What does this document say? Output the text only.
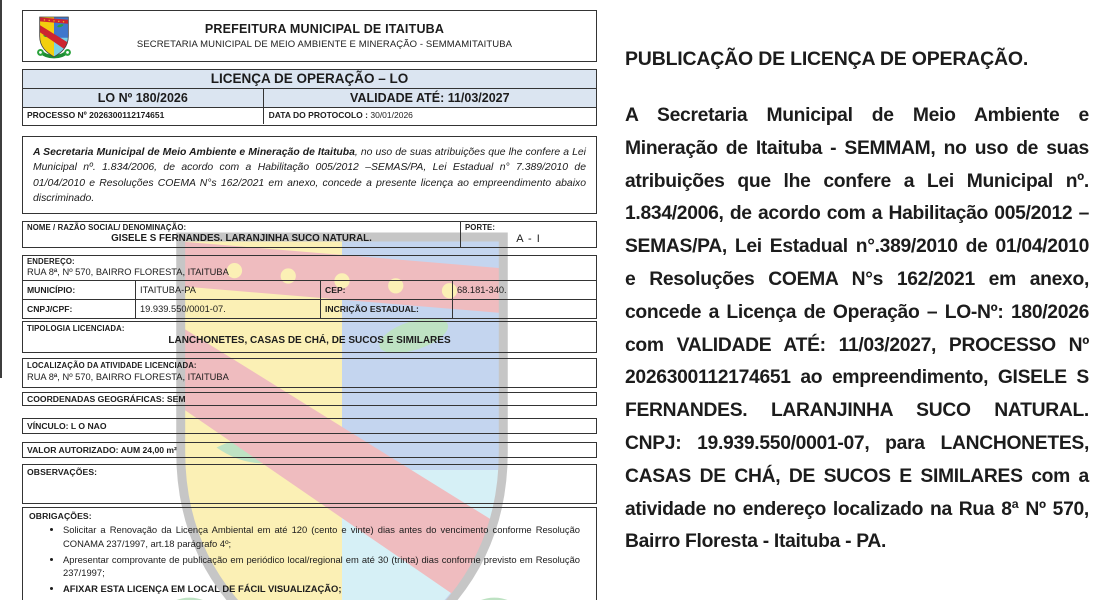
PREFEITURA MUNICIPAL DE ITAITUBA
SECRETARIA MUNICIPAL DE MEIO AMBIENTE E MINERAÇÃO - SEMMAMITAITUBA
LICENÇA DE OPERAÇÃO – LO
LO Nº 180/2026	VALIDADE ATÉ: 11/03/2027
PROCESSO Nº 2026300112174651	DATA DO PROTOCOLO : 30/01/2026
A Secretaria Municipal de Meio Ambiente e Mineração de Itaituba, no uso de suas atribuições que lhe confere a Lei Municipal nº. 1.834/2006, de acordo com a Habilitação 005/2012 –SEMAS/PA, Lei Estadual n° 7.389/2010 de 01/04/2010 e Resoluções COEMA N°s 162/2021 em anexo, concede a presente licença ao empreendimento abaixo discriminado.
NOME / RAZÃO SOCIAL/ DENOMINAÇÃO:
GISELE S FERNANDES. LARANJINHA SUCO NATURAL.
PORTE:
A - I
ENDEREÇO:
RUA 8ª, Nº 570, BAIRRO FLORESTA, ITAITUBA
MUNICÍPIO:	ITAITUBA-PA	CEP:	68.181-340.
CNPJ/CPF:	19.939.550/0001-07.	INCRIÇÃO ESTADUAL:
TIPOLOGIA LICENCIADA:
LANCHONETES, CASAS DE CHÁ, DE SUCOS E SIMILARES
LOCALIZAÇÃO DA ATIVIDADE LICENCIADA:
RUA 8ª, Nº 570, BAIRRO FLORESTA, ITAITUBA
COORDENADAS GEOGRÁFICAS: SEM
VÍNCULO: L O NAO
VALOR AUTORIZADO: AUM 24,00 m²
OBSERVAÇÕES:
OBRIGAÇÕES:
• Solicitar a Renovação da Licença Ambiental em até 120 (cento e vinte) dias antes do vencimento conforme Resolução CONAMA 237/1997, art.18 parágrafo 4º;
• Apresentar comprovante de publicação em periódico local/regional em até 30 (trinta) dias conforme previsto em Resolução 237/1997;
• AFIXAR ESTA LICENÇA EM LOCAL DE FÁCIL VISUALIZAÇÃO;
PUBLICAÇÃO DE LICENÇA DE OPERAÇÃO.
A Secretaria Municipal de Meio Ambiente e Mineração de Itaituba - SEMMAM, no uso de suas atribuições que lhe confere a Lei Municipal nº. 1.834/2006, de acordo com a Habilitação 005/2012 –SEMAS/PA, Lei Estadual n°.389/2010 de 01/04/2010 e Resoluções COEMA N°s 162/2021 em anexo, concede a Licença de Operação – LO-Nº: 180/2026 com VALIDADE ATÉ: 11/03/2027, PROCESSO Nº 2026300112174651 ao empreendimento, GISELE S FERNANDES. LARANJINHA SUCO NATURAL. CNPJ: 19.939.550/0001-07, para LANCHONETES, CASAS DE CHÁ, DE SUCOS E SIMILARES com a atividade no endereço localizado na Rua 8ª Nº 570, Bairro Floresta - Itaituba - PA.
